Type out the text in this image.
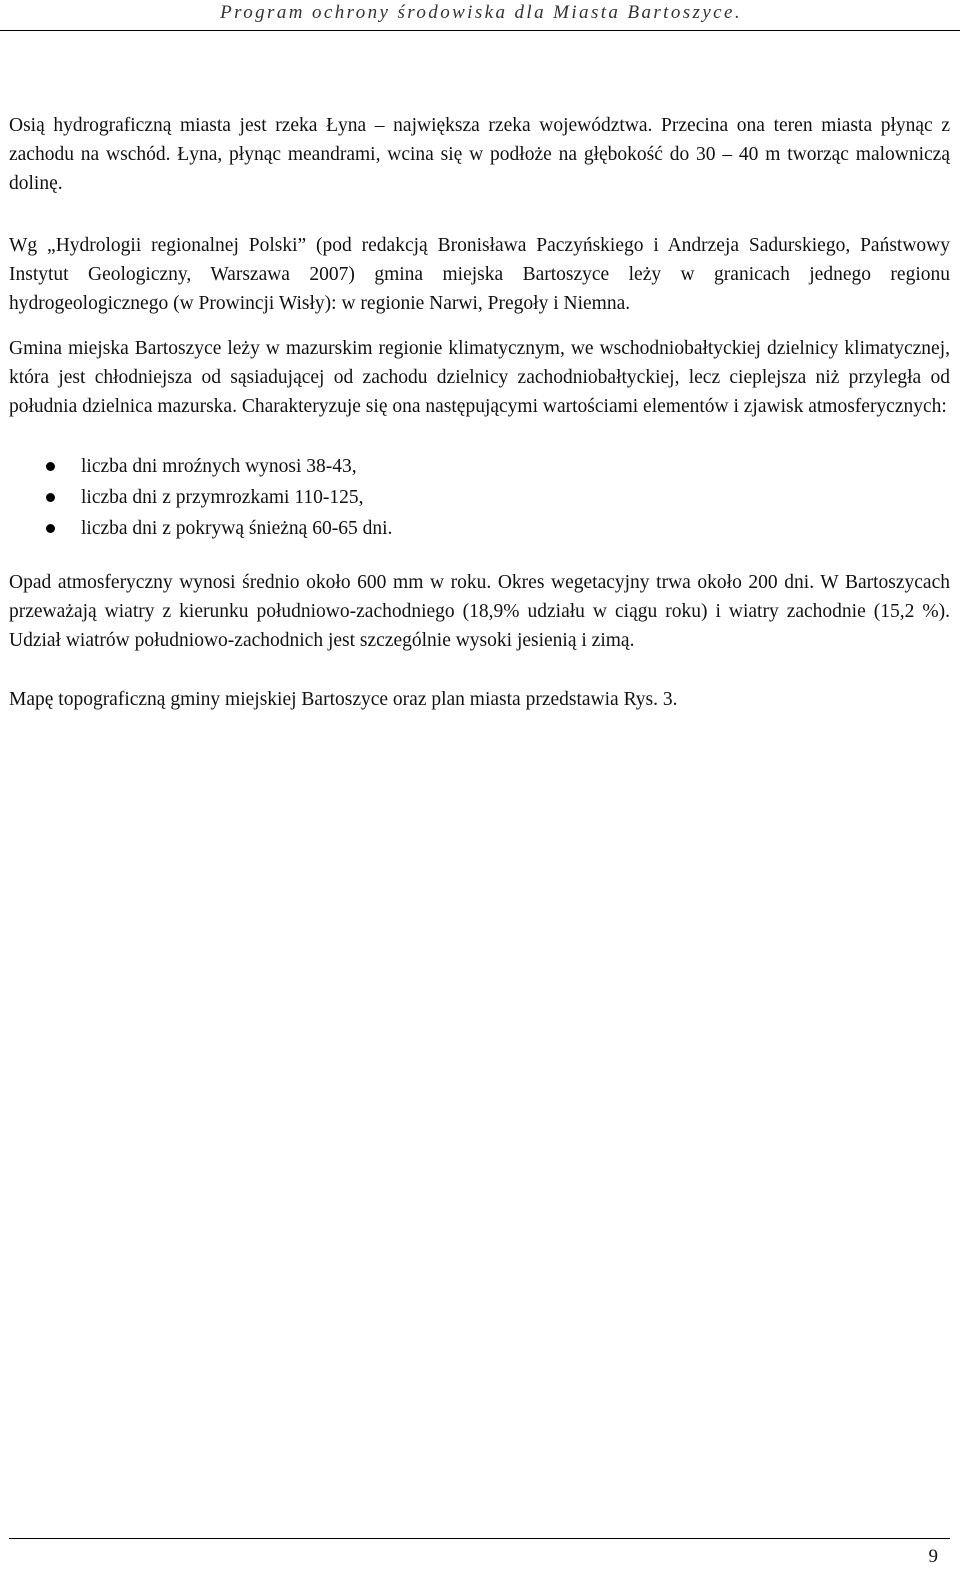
Program ochrony środowiska dla Miasta Bartoszyce.

Osią hydrograficzną miasta jest rzeka Łyna – największa rzeka województwa. Przecina ona teren miasta płynąc z zachodu na wschód. Łyna, płynąc meandrami, wcina się w podłoże na głębokość do 30 – 40 m tworząc malowniczą dolinę.

Wg „Hydrologii regionalnej Polski” (pod redakcją Bronisława Paczyńskiego i Andrzeja Sadurskiego, Państwowy Instytut Geologiczny, Warszawa 2007) gmina miejska Bartoszyce leży w granicach jednego regionu hydrogeologicznego (w Prowincji Wisły): w regionie Narwi, Pregoły i Niemna.

Gmina miejska Bartoszyce leży w mazurskim regionie klimatycznym, we wschodniobałtyckiej dzielnicy klimatycznej, która jest chłodniejsza od sąsiadującej od zachodu dzielnicy zachodniobałtyckiej, lecz cieplejsza niż przyległa od południa dzielnica mazurska. Charakteryzuje się ona następującymi wartościami elementów i zjawisk atmosferycznych:

liczba dni mroźnych wynosi 38-43,
liczba dni z przymrozkami 110-125,
liczba dni z pokrywą śnieżną 60-65 dni.

Opad atmosferyczny wynosi średnio około 600 mm w roku. Okres wegetacyjny trwa około 200 dni. W Bartoszycach przeważają wiatry z kierunku południowo-zachodniego (18,9% udziału w ciągu roku) i wiatry zachodnie (15,2 %). Udział wiatrów południowo-zachodnich jest szczególnie wysoki jesienią i zimą.

Mapę topograficzną gminy miejskiej Bartoszyce oraz plan miasta przedstawia Rys. 3.

9
